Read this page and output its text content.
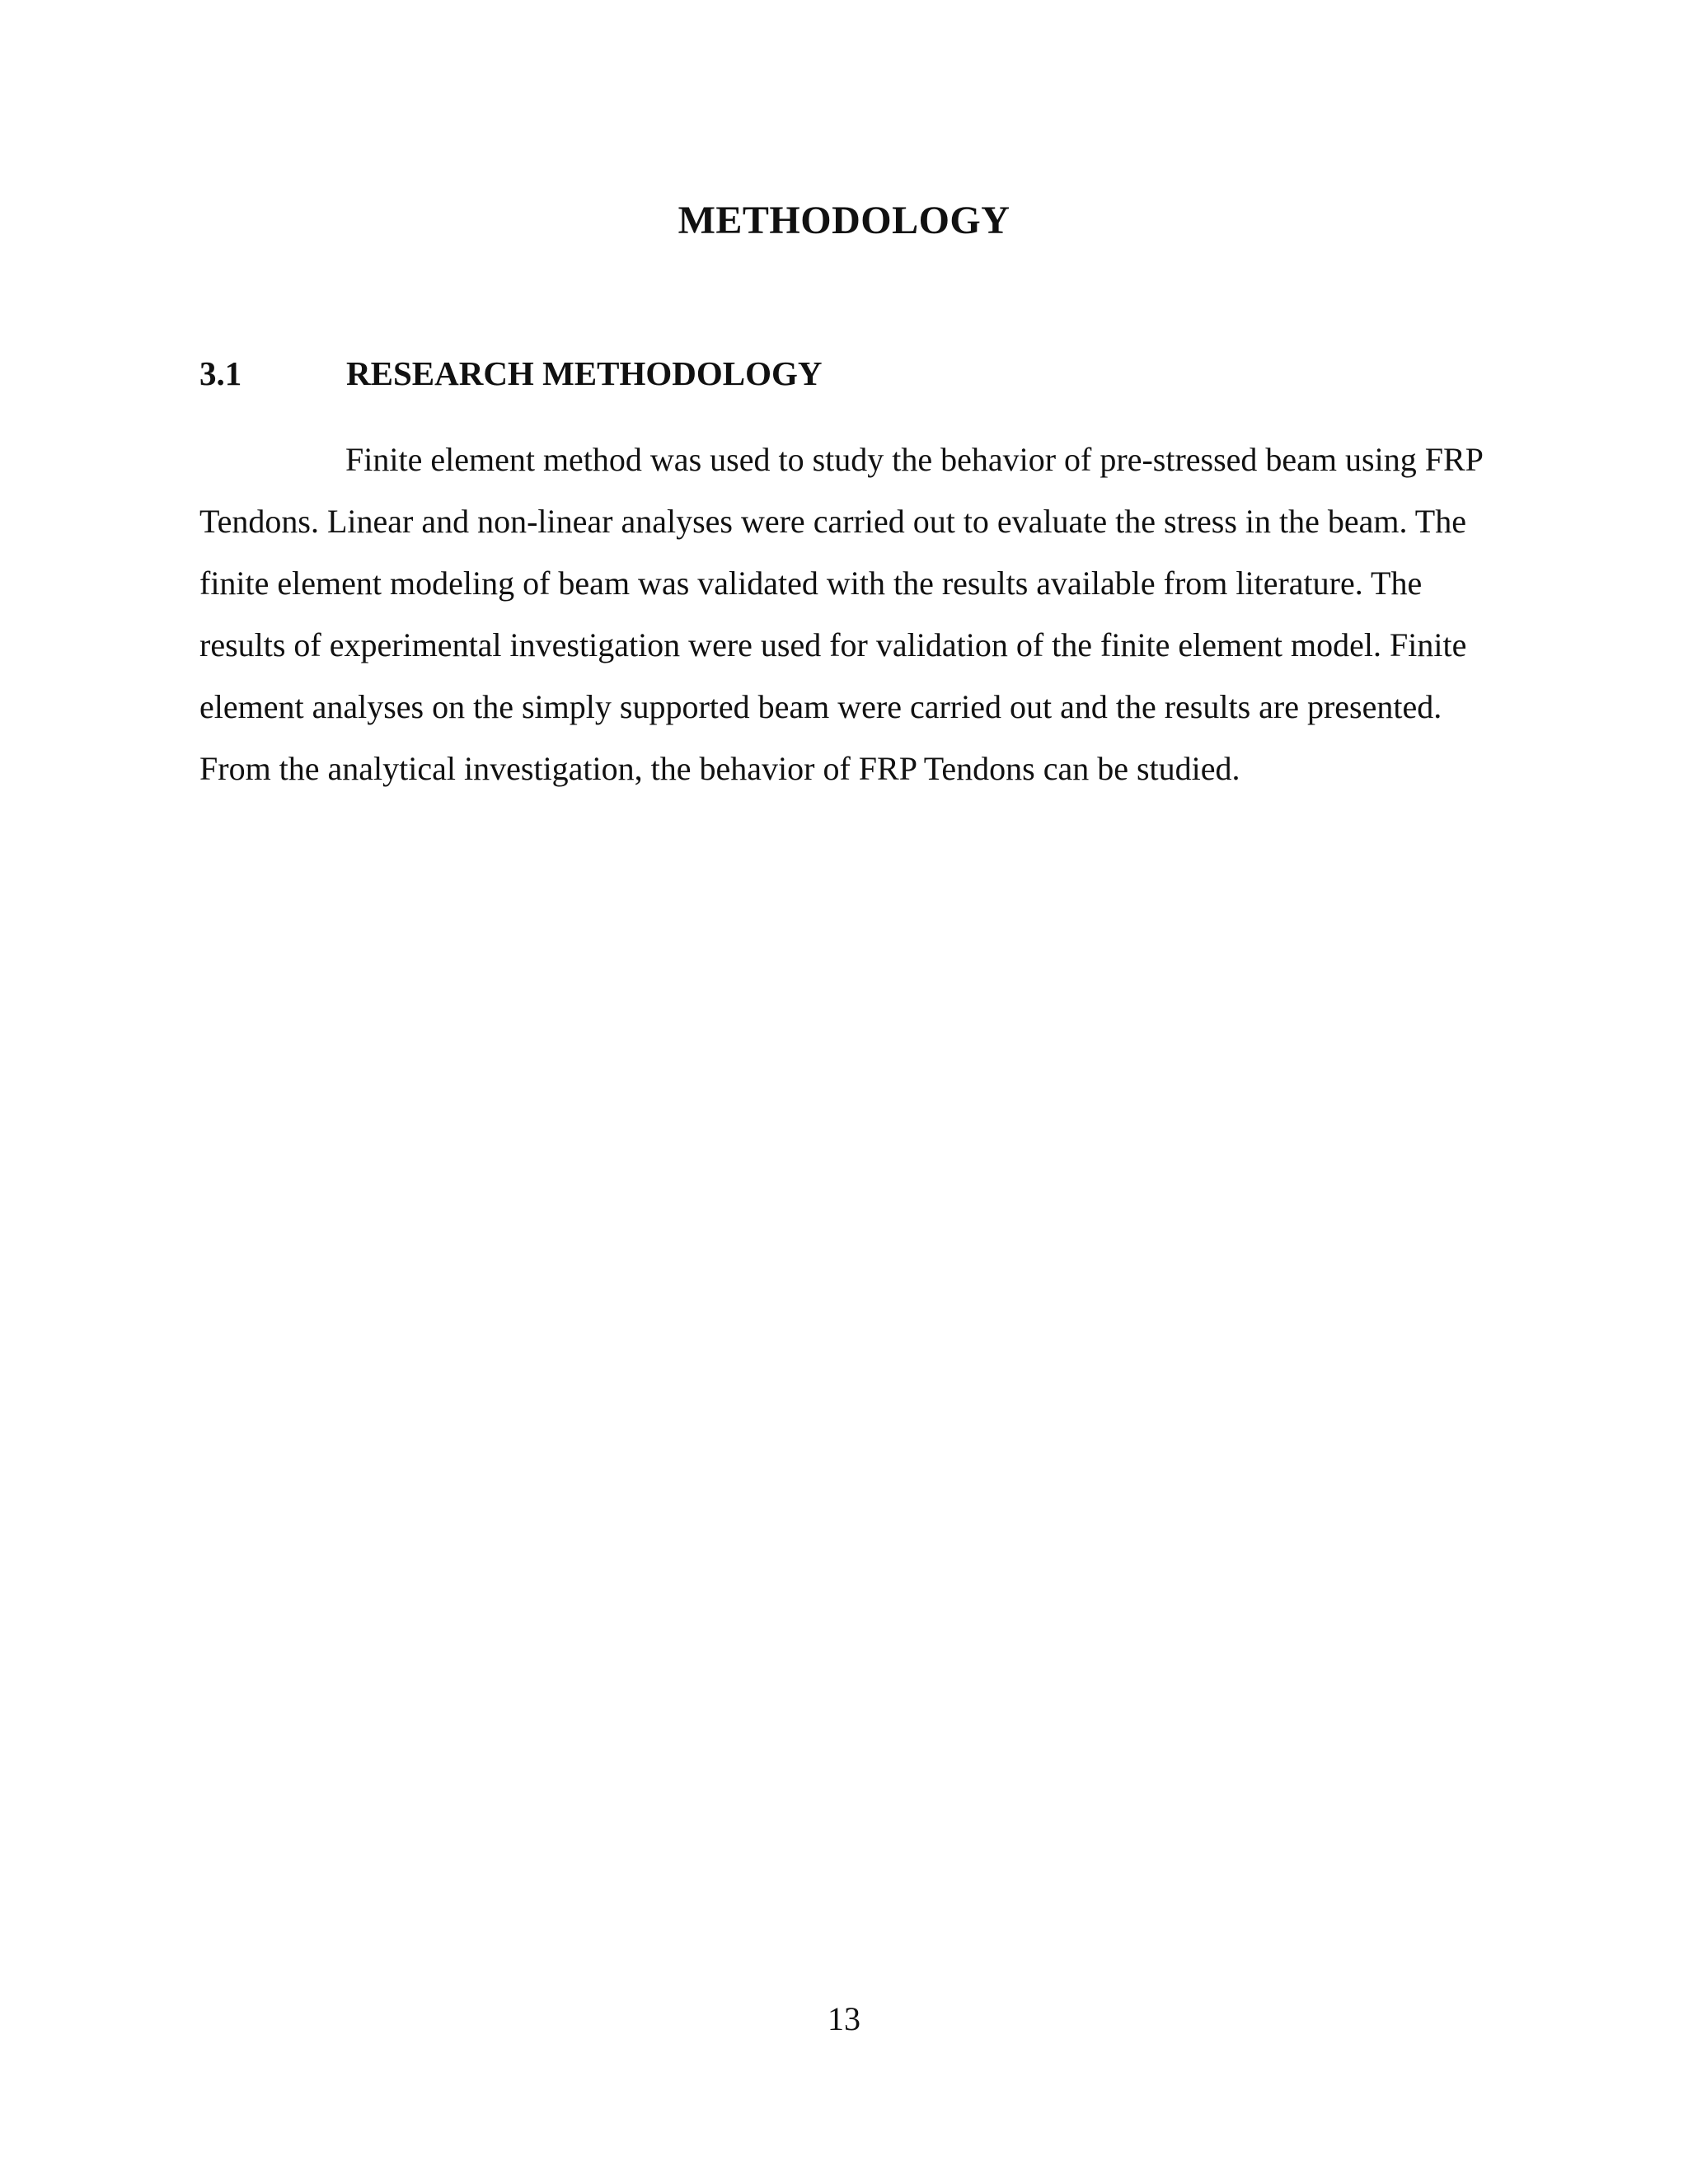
METHODOLOGY
3.1	RESEARCH METHODOLOGY

Finite element method was used to study the behavior of pre-stressed beam using FRP Tendons. Linear and non-linear analyses were carried out to evaluate the stress in the beam. The finite element modeling of beam was validated with the results available from literature. The results of experimental investigation were used for validation of the finite element model. Finite element analyses on the simply supported beam were carried out and the results are presented. From the analytical investigation, the behavior of FRP Tendons can be studied.

13
